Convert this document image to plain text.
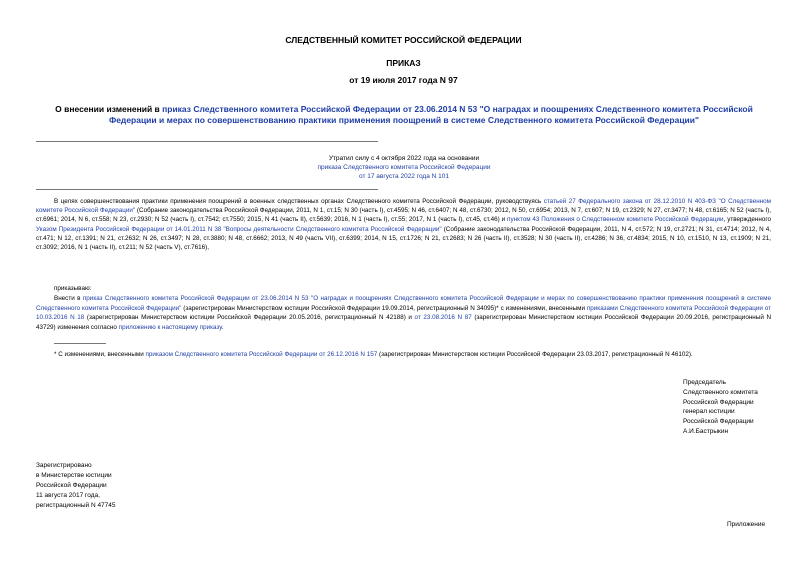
СЛЕДСТВЕННЫЙ КОМИТЕТ РОССИЙСКОЙ ФЕДЕРАЦИИ
ПРИКАЗ
от 19 июля 2017 года N 97
О внесении изменений в приказ Следственного комитета Российской Федерации от 23.06.2014 N 53 "О наградах и поощрениях Следственного комитета Российской Федерации и мерах по совершенствованию практики применения поощрений в системе Следственного комитета Российской Федерации"
Утратил силу с 4 октября 2022 года на основании
приказа Следственного комитета Российской Федерации
от 17 августа 2022 года N 101
В целях совершенствования практики применения поощрений в военных следственных органах Следственного комитета Российской Федерации, руководствуясь статьей 27 Федерального закона от 28.12.2010 N 403-ФЗ "О Следственном комитете Российской Федерации" (Собрание законодательства Российской Федерации, 2011, N 1, ст.15; N 30 (часть I), ст.4595; N 46, ст.6407; N 48, ст.6730; 2012, N 50, ст.6954; 2013, N 7, ст.607; N 19, ст.2329; N 27, ст.3477; N 48, ст.6165; N 52 (часть I), ст.6961; 2014, N 6, ст.558; N 23, ст.2930; N 52 (часть I), ст.7542; ст.7550; 2015, N 41 (часть II), ст.5639; 2016, N 1 (часть I), ст.55; 2017, N 1 (часть I), ст.45, ст.46) и пунктом 43 Положения о Следственном комитете Российской Федерации, утвержденного Указом Президента Российской Федерации от 14.01.2011 N 38 "Вопросы деятельности Следственного комитета Российской Федерации" (Собрание законодательства Российской Федерации, 2011, N 4, ст.572; N 19, ст.2721; N 31, ст.4714; 2012, N 4, ст.471; N 12, ст.1391; N 21, ст.2632; N 26, ст.3497; N 28, ст.3880; N 48, ст.6662; 2013, N 49 (часть VII), ст.6399; 2014, N 15, ст.1726; N 21, ст.2683; N 26 (часть II), ст.3528; N 30 (часть II), ст.4286; N 36, ст.4834; 2015, N 10, ст.1510, N 13, ст.1909; N 21, ст.3092; 2016, N 1 (часть II), ст.211; N 52 (часть V), ст.7616),
приказываю:
Внести в приказ Следственного комитета Российской Федерации от 23.06.2014 N 53 "О наградах и поощрениях Следственного комитета Российской Федерации и мерах по совершенствованию практики применения поощрений в системе Следственного комитета Российской Федерации" (зарегистрирован Министерством юстиции Российской Федерации 19.09.2014, регистрационный N 34095)* с изменениями, внесенными приказами Следственного комитета Российской Федерации от 10.03.2016 N 18 (зарегистрирован Министерством юстиции Российской Федерации 20.05.2016, регистрационный N 42188) и от 23.08.2016 N 87 (зарегистрирован Министерством юстиции Российской Федерации 20.09.2016, регистрационный N 43729) изменения согласно приложению к настоящему приказу.
* С изменениями, внесенными приказом Следственного комитета Российской Федерации от 26.12.2016 N 157 (зарегистрирован Министерством юстиции Российской Федерации 23.03.2017, регистрационный N 46102).
Председатель
Следственного комитета
Российской Федерации
генерал юстиции
Российской Федерации
А.И.Бастрыкин
Зарегистрировано
в Министерстве юстиции
Российской Федерации
11 августа 2017 года,
регистрационный N 47745
Приложение
